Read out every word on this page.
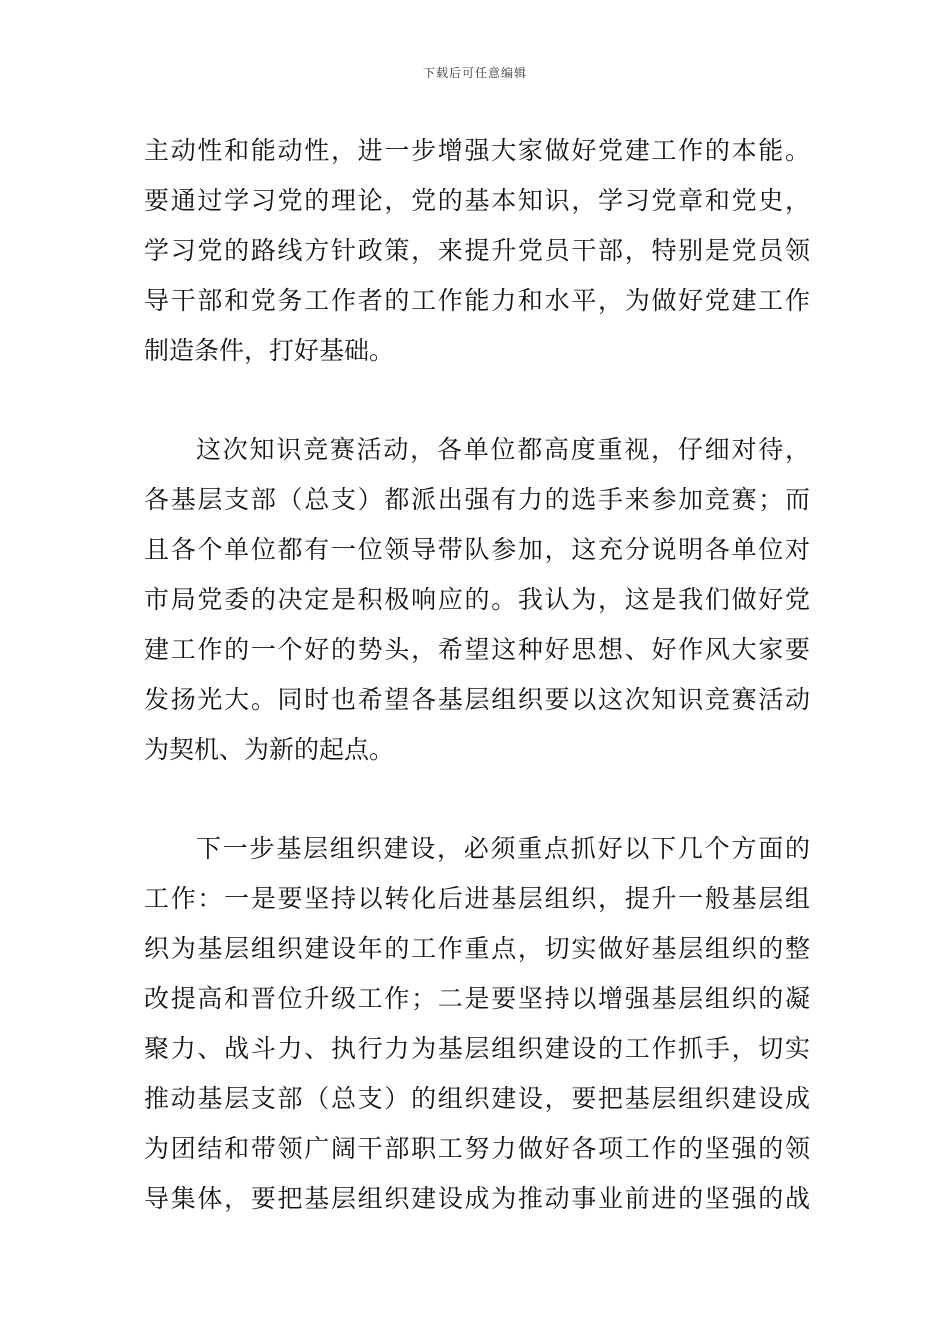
下载后可任意编辑
主动性和能动性，进一步增强大家做好党建工作的本能。
要通过学习党的理论，党的基本知识，学习党章和党史，
学习党的路线方针政策，来提升党员干部，特别是党员领
导干部和党务工作者的工作能力和水平，为做好党建工作
制造条件，打好基础。
这次知识竞赛活动，各单位都高度重视，仔细对待，
各基层支部（总支）都派出强有力的选手来参加竞赛；而
且各个单位都有一位领导带队参加，这充分说明各单位对
市局党委的决定是积极响应的。我认为，这是我们做好党
建工作的一个好的势头，希望这种好思想、好作风大家要
发扬光大。同时也希望各基层组织要以这次知识竞赛活动
为契机、为新的起点。
下一步基层组织建设，必须重点抓好以下几个方面的
工作：一是要坚持以转化后进基层组织，提升一般基层组
织为基层组织建设年的工作重点，切实做好基层组织的整
改提高和晋位升级工作；二是要坚持以增强基层组织的凝
聚力、战斗力、执行力为基层组织建设的工作抓手，切实
推动基层支部（总支）的组织建设，要把基层组织建设成
为团结和带领广阔干部职工努力做好各项工作的坚强的领
导集体，要把基层组织建设成为推动事业前进的坚强的战
